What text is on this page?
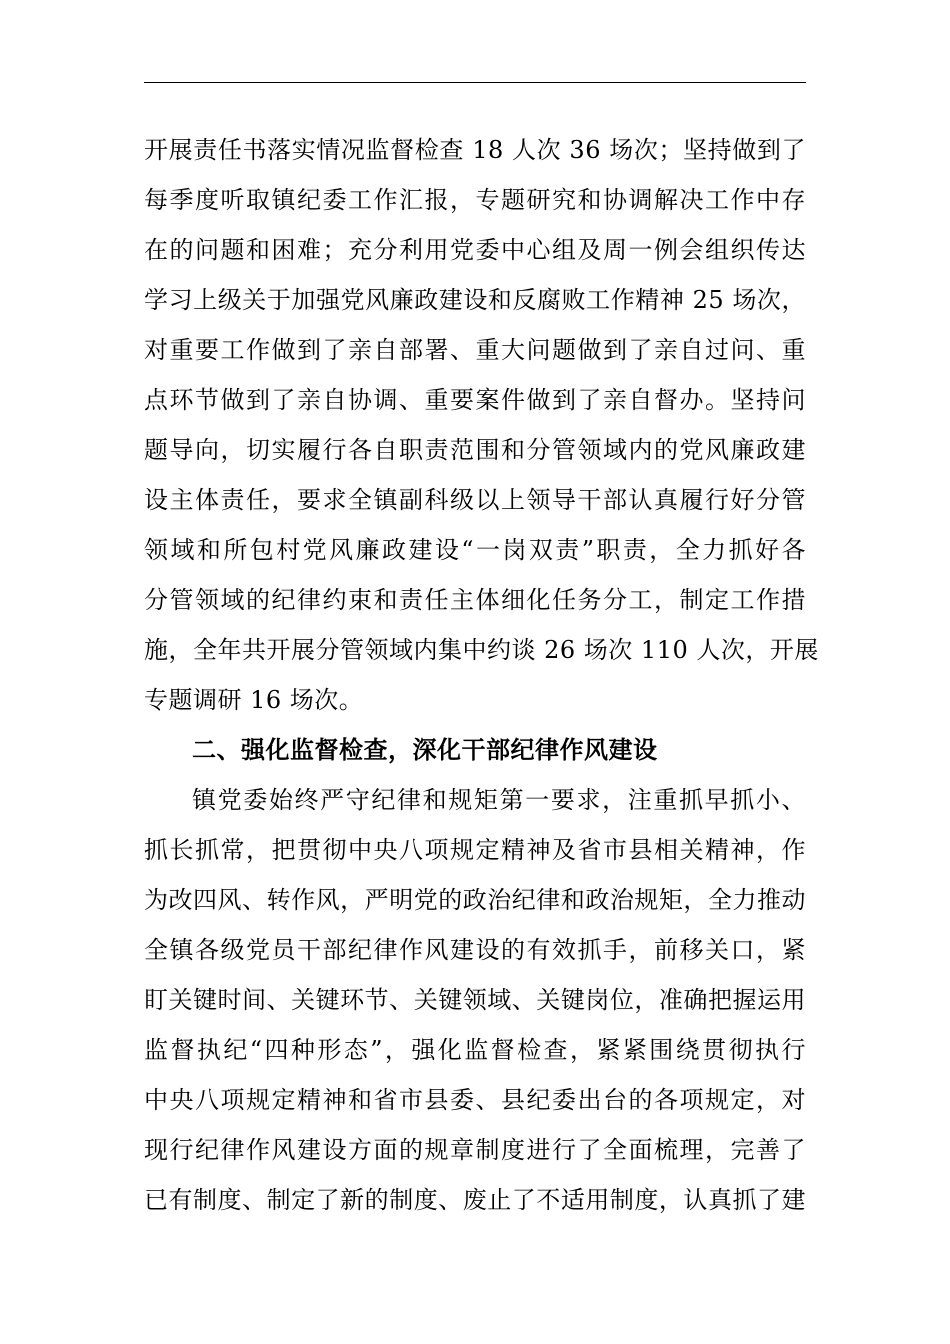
开展责任书落实情况监督检查 18 人次 36 场次；坚持做到了
每季度听取镇纪委工作汇报，专题研究和协调解决工作中存
在的问题和困难；充分利用党委中心组及周一例会组织传达
学习上级关于加强党风廉政建设和反腐败工作精神 25 场次，
对重要工作做到了亲自部署、重大问题做到了亲自过问、重
点环节做到了亲自协调、重要案件做到了亲自督办。坚持问
题导向，切实履行各自职责范围和分管领域内的党风廉政建
设主体责任，要求全镇副科级以上领导干部认真履行好分管
领域和所包村党风廉政建设“一岗双责”职责，全力抓好各
分管领域的纪律约束和责任主体细化任务分工，制定工作措
施，全年共开展分管领域内集中约谈 26 场次 110 人次，开展
专题调研 16 场次。
二、强化监督检查，深化干部纪律作风建设
镇党委始终严守纪律和规矩第一要求，注重抓早抓小、
抓长抓常，把贯彻中央八项规定精神及省市县相关精神，作
为改四风、转作风，严明党的政治纪律和政治规矩，全力推动
全镇各级党员干部纪律作风建设的有效抓手，前移关口，紧
盯关键时间、关键环节、关键领域、关键岗位，准确把握运用
监督执纪“四种形态”，强化监督检查，紧紧围绕贯彻执行
中央八项规定精神和省市县委、县纪委出台的各项规定，对
现行纪律作风建设方面的规章制度进行了全面梳理，完善了
已有制度、制定了新的制度、废止了不适用制度，认真抓了建
